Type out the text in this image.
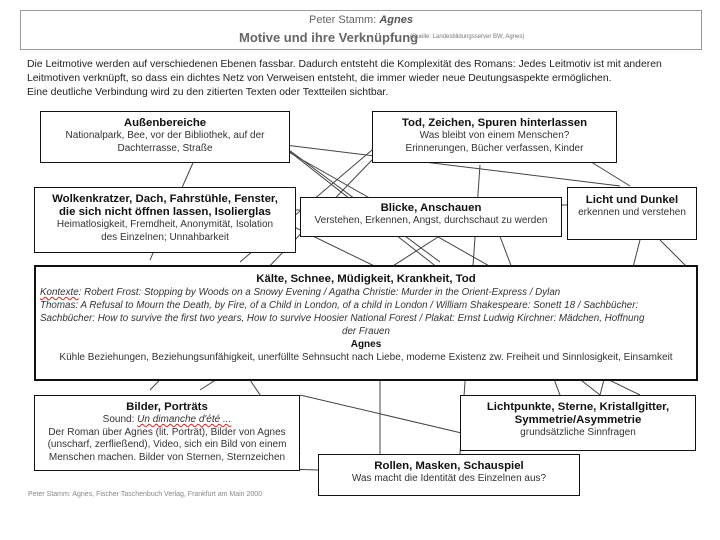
Peter Stamm: Agnes
Motive und ihre Verknüpfung
(Quelle: Landesbildungsserver BW, Agnes)
Die Leitmotive werden auf verschiedenen Ebenen fassbar. Dadurch entsteht die Komplexität des Romans: Jedes Leitmotiv ist mit anderen
Leitmotiven verknüpft, so dass ein dichtes Netz von Verweisen entsteht, die immer wieder neue Deutungsaspekte ermöglichen.
Eine deutliche Verbindung wird zu den zitierten Texten oder Textteilen sichtbar.
Außenbereiche
Nationalpark, Bee, vor der Bibliothek, auf der
Dachterrasse, Straße
Tod, Zeichen, Spuren hinterlassen
Was bleibt von einem Menschen?
Erinnerungen, Bücher verfassen, Kinder
Wolkenkratzer, Dach, Fahrstühle, Fenster,
die sich nicht öffnen lassen, Isolierglas
Heimatlosigkeit, Fremdheit, Anonymität, Isolation
des Einzelnen; Unnahbarkeit
Blicke, Anschauen
Verstehen, Erkennen, Angst, durchschaut zu werden
Licht und Dunkel
erkennen und verstehen
Kälte, Schnee, Müdigkeit, Krankheit, Tod
Kontexte: Robert Frost: Stopping by Woods on a Snowy Evening / Agatha Christie: Murder in the Orient-Express / Dylan
Thomas: A Refusal to Mourn the Death, by Fire, of a Child in London, of a child in London / William Shakespeare: Sonett 18 / Sachbücher:
Sachbücher: How to survive the first two years, How to survive Hoosier National Forest / Plakat: Ernst Ludwig Kirchner: Mädchen, Hoffnung
der Frauen
Agnes
Kühle Beziehungen, Beziehungsunfähigkeit, unerfüllte Sehnsucht nach Liebe, moderne Existenz zw. Freiheit und Sinnlosigkeit, Einsamkeit
Bilder, Porträts
Sound: Un dimanche d'été ...
Der Roman über Agnes (lit. Porträt), Bilder von Agnes
(unscharf, zerfließend), Video, sich ein Bild von einem
Menschen machen. Bilder von Sternen, Sternzeichen
Lichtpunkte, Sterne, Kristallgitter,
Symmetrie/Asymmetrie
grundsätzliche Sinnfragen
Rollen, Masken, Schauspiel
Was macht die Identität des Einzelnen aus?
Peter Stamm: Agnes, Fischer Taschenbuch Verlag, Frankfurt am Main 2000
